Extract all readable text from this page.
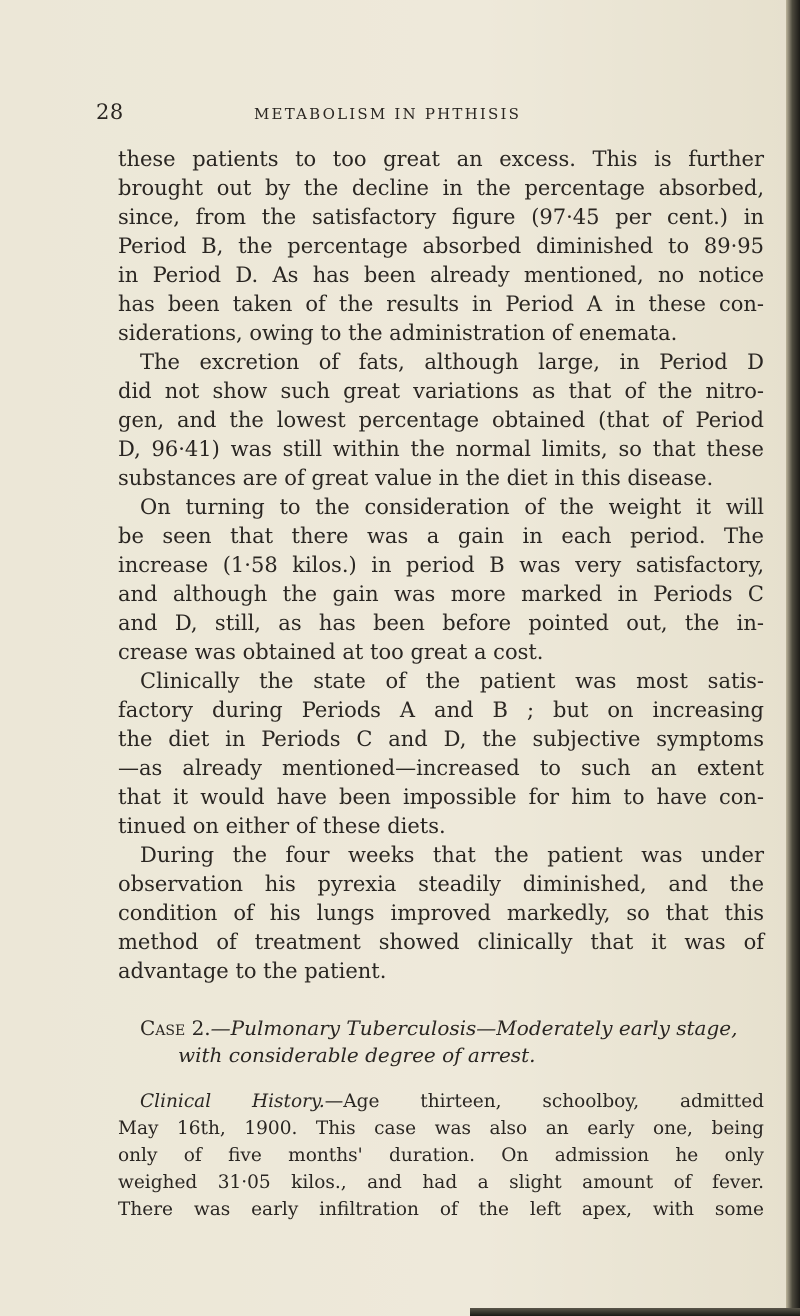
28	METABOLISM IN PHTHISIS
these patients to too great an excess. This is further
brought out by the decline in the percentage absorbed,
since, from the satisfactory figure (97·45 per cent.) in
Period B, the percentage absorbed diminished to 89·95
in Period D. As has been already mentioned, no notice
has been taken of the results in Period A in these con-
siderations, owing to the administration of enemata.
The excretion of fats, although large, in Period D
did not show such great variations as that of the nitro-
gen, and the lowest percentage obtained (that of Period
D, 96·41) was still within the normal limits, so that these
substances are of great value in the diet in this disease.
On turning to the consideration of the weight it will
be seen that there was a gain in each period. The
increase (1·58 kilos.) in period B was very satisfactory,
and although the gain was more marked in Periods C
and D, still, as has been before pointed out, the in-
crease was obtained at too great a cost.
Clinically the state of the patient was most satis-
factory during Periods A and B ; but on increasing
the diet in Periods C and D, the subjective symptoms
—as already mentioned—increased to such an extent
that it would have been impossible for him to have con-
tinued on either of these diets.
During the four weeks that the patient was under
observation his pyrexia steadily diminished, and the
condition of his lungs improved markedly, so that this
method of treatment showed clinically that it was of
advantage to the patient.
Case 2.—Pulmonary Tuberculosis—Moderately early stage,
with considerable degree of arrest.
Clinical History.—Age thirteen, schoolboy, admitted
May 16th, 1900. This case was also an early one, being
only of five months' duration. On admission he only
weighed 31·05 kilos., and had a slight amount of fever.
There was early infiltration of the left apex, with some
